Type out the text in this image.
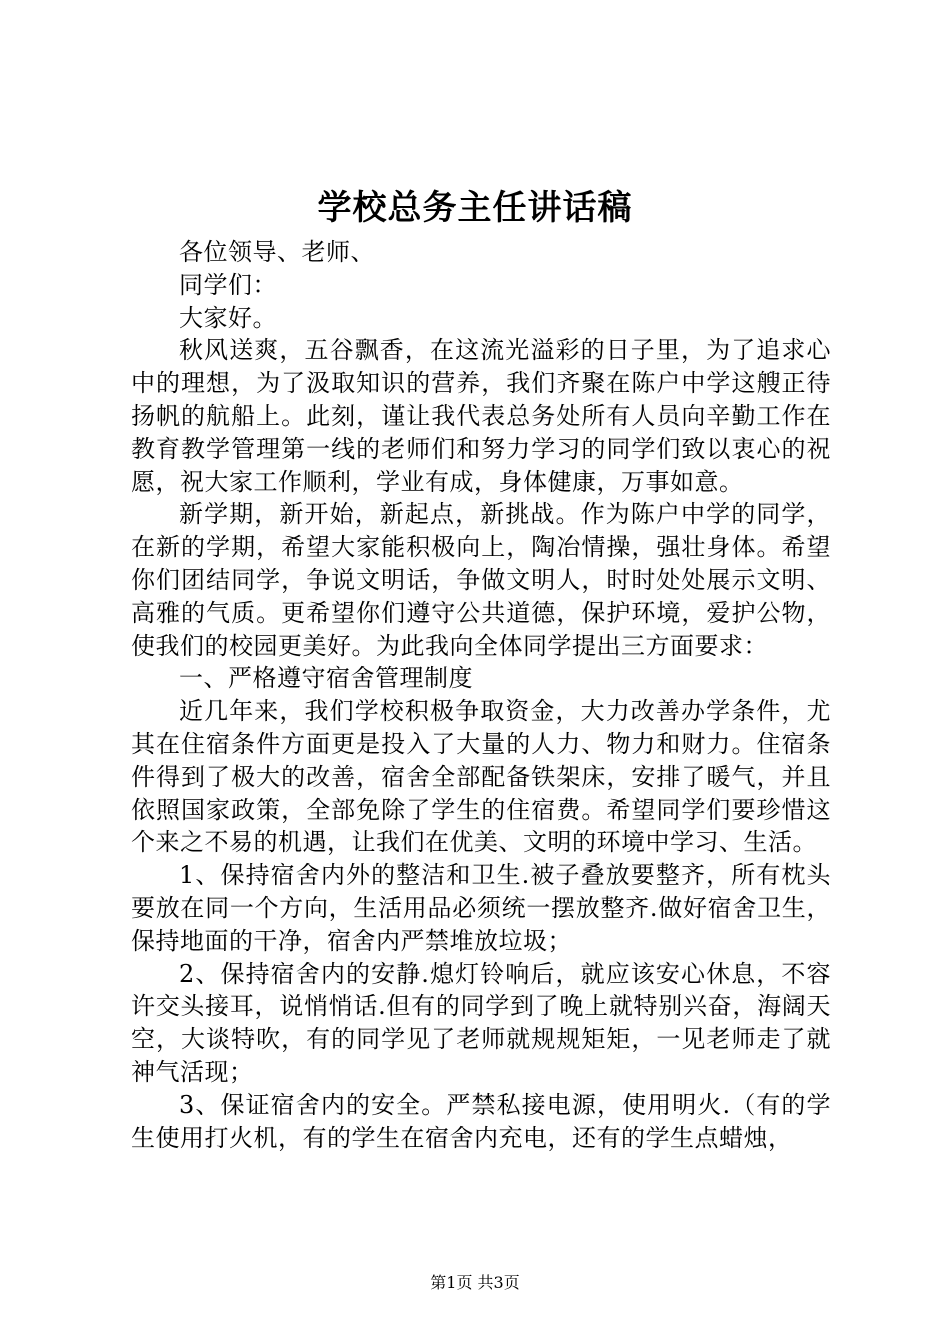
学校总务主任讲话稿

各位领导、老师、

同学们：

大家好。

秋风送爽，五谷飘香，在这流光溢彩的日子里，为了追求心中的理想，为了汲取知识的营养，我们齐聚在陈户中学这艘正待扬帆的航船上。此刻，谨让我代表总务处所有人员向辛勤工作在教育教学管理第一线的老师们和努力学习的同学们致以衷心的祝愿，祝大家工作顺利，学业有成，身体健康，万事如意。

新学期，新开始，新起点，新挑战。作为陈户中学的同学，在新的学期，希望大家能积极向上，陶冶情操，强壮身体。希望你们团结同学，争说文明话，争做文明人，时时处处展示文明、高雅的气质。更希望你们遵守公共道德，保护环境，爱护公物，使我们的校园更美好。为此我向全体同学提出三方面要求：

一、严格遵守宿舍管理制度

近几年来，我们学校积极争取资金，大力改善办学条件，尤其在住宿条件方面更是投入了大量的人力、物力和财力。住宿条件得到了极大的改善，宿舍全部配备铁架床，安排了暖气，并且依照国家政策，全部免除了学生的住宿费。希望同学们要珍惜这个来之不易的机遇，让我们在优美、文明的环境中学习、生活。

1、保持宿舍内外的整洁和卫生.被子叠放要整齐，所有枕头要放在同一个方向，生活用品必须统一摆放整齐.做好宿舍卫生，保持地面的干净，宿舍内严禁堆放垃圾；

2、保持宿舍内的安静.熄灯铃响后，就应该安心休息，不容许交头接耳，说悄悄话.但有的同学到了晚上就特别兴奋，海阔天空，大谈特吹，有的同学见了老师就规规矩矩，一见老师走了就神气活现；

3、保证宿舍内的安全。严禁私接电源，使用明火.（有的学生使用打火机，有的学生在宿舍内充电，还有的学生点蜡烛，

第1页 共3页
